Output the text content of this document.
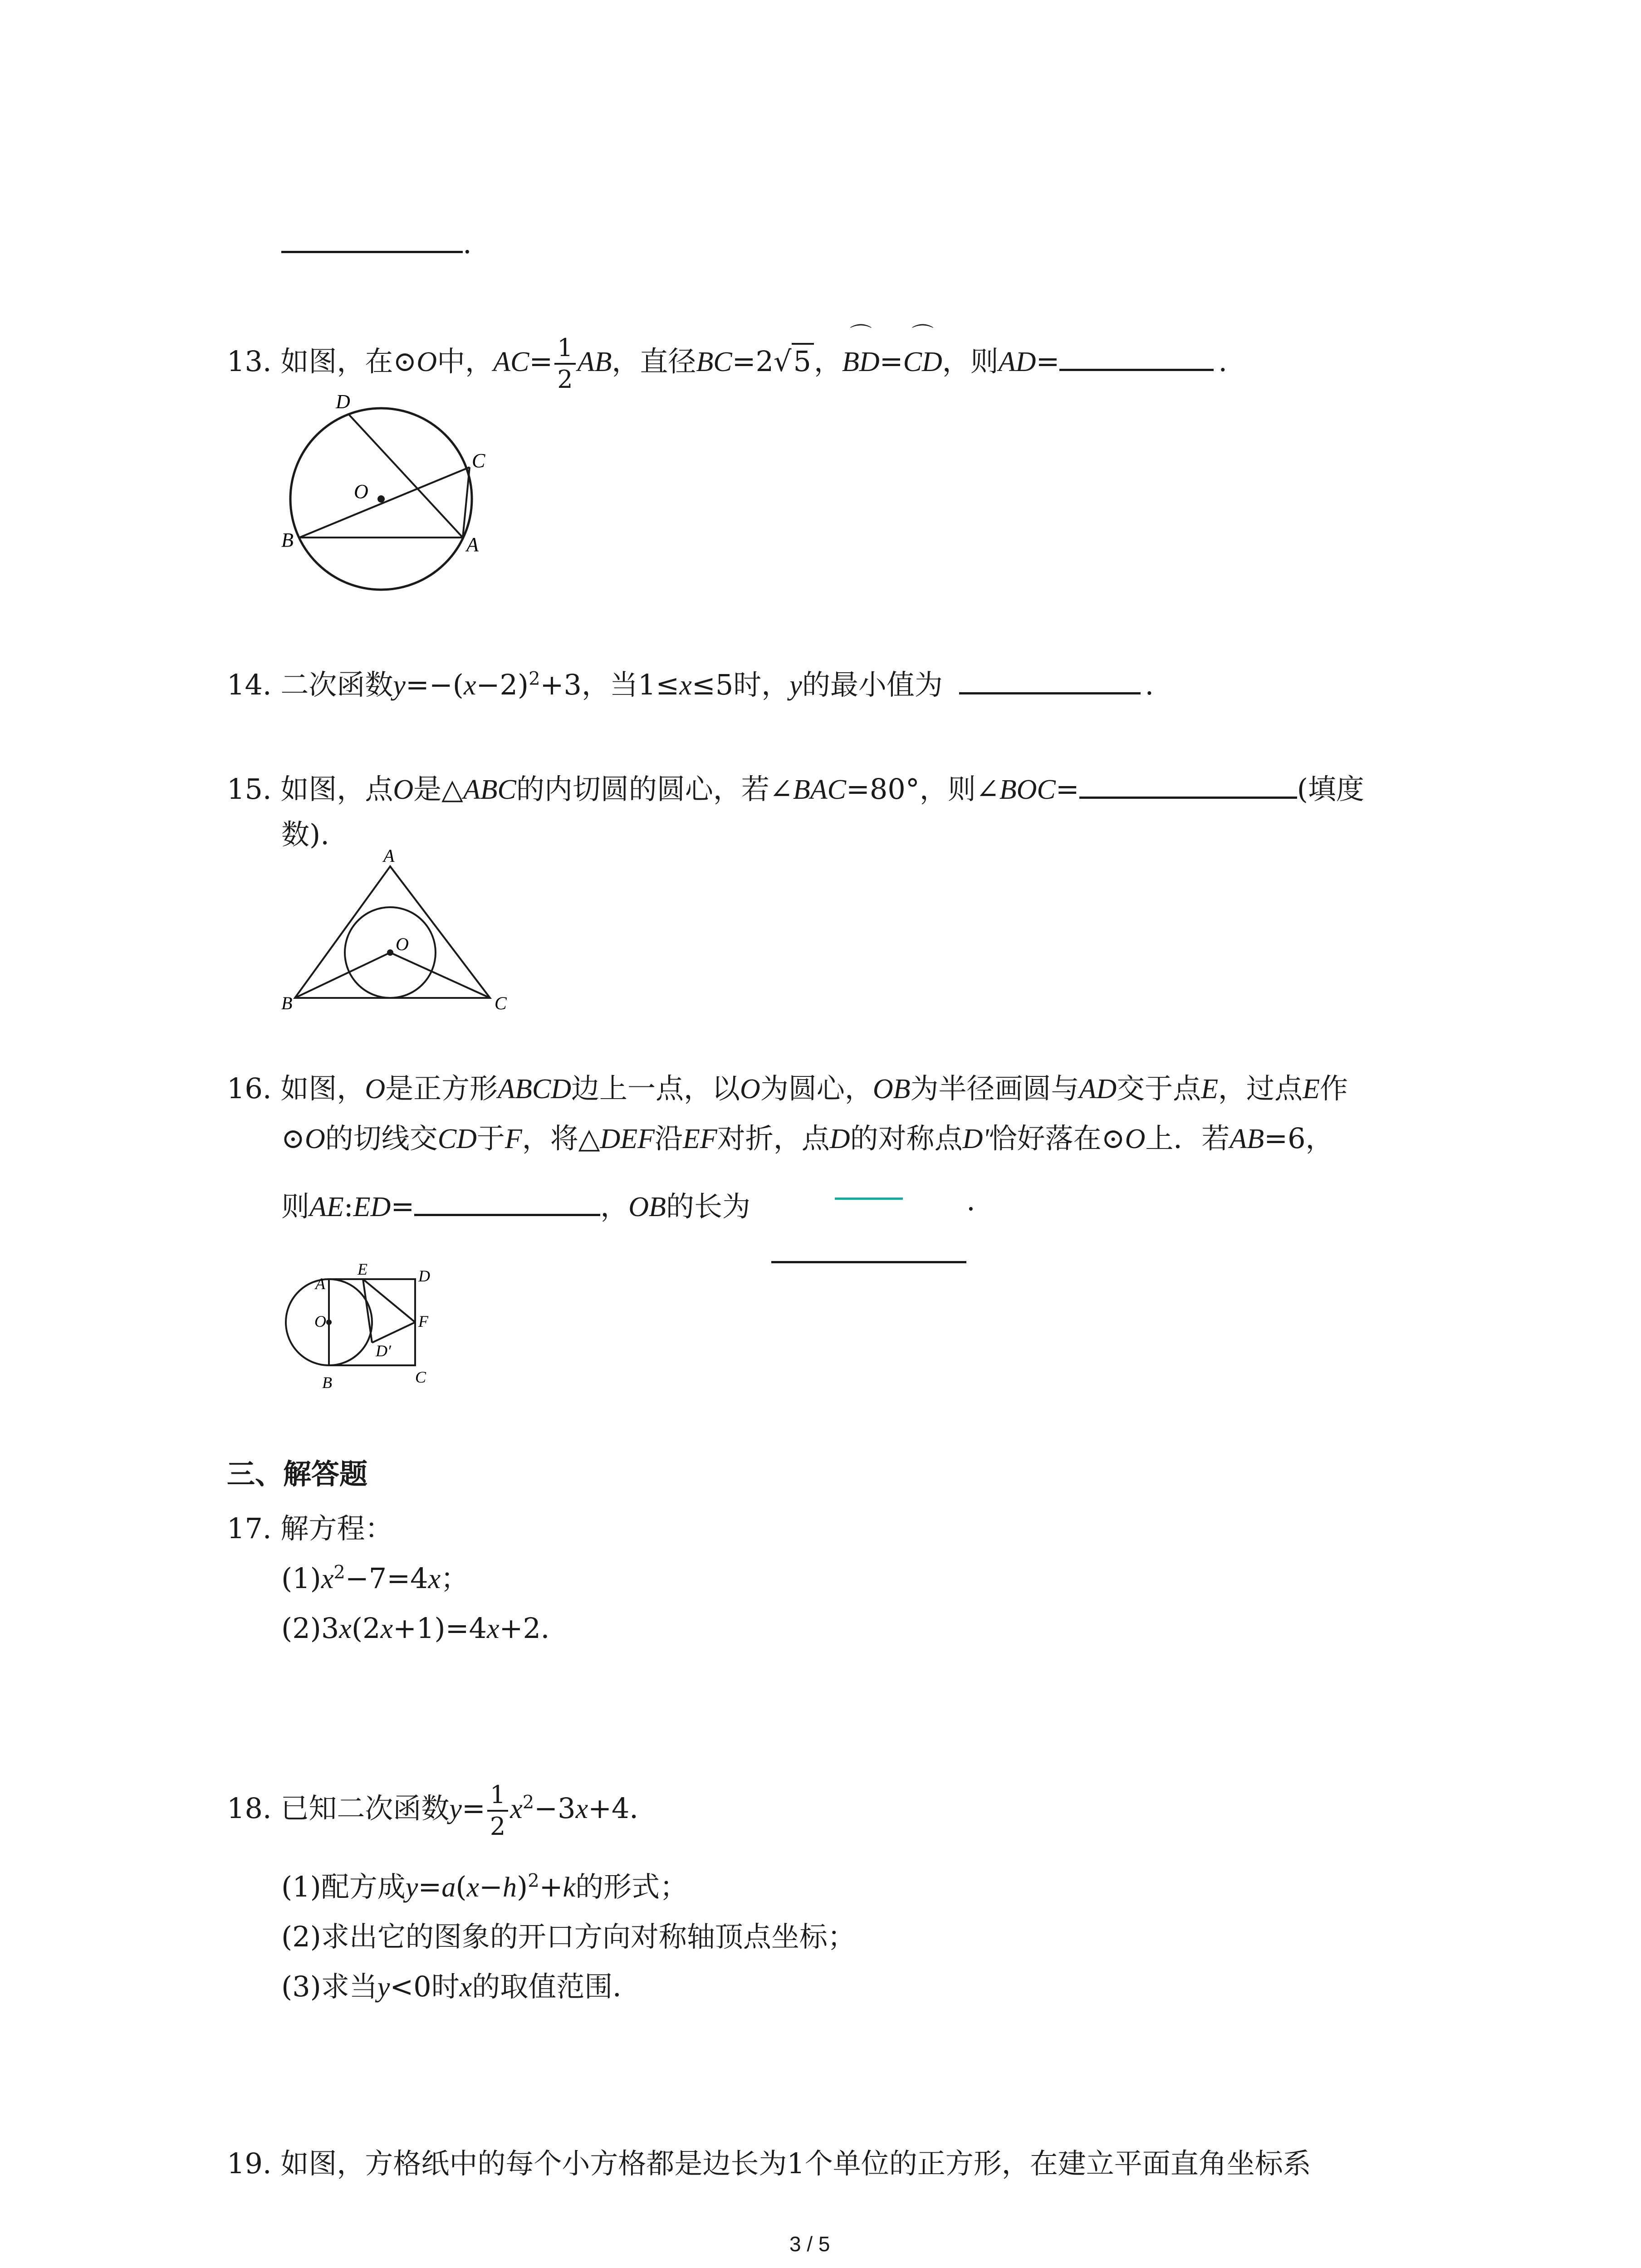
.
13. 如图，在⊙O中，$AC= \frac{1}{2}$ AB，直径BC=2√5，
⌒
BD=
⌒
CD，则AD=	.
D
C
O
B	A
14. 二次函数$y=-(x-2)^2+3$，当1≤x≤5时，y的最小值为	.
15. 如图，点O是△ABC的内切圆的圆心，若∠BAC=80°，则∠BOC=	(填度
数).
A
O
B	C
16. 如图，O是正方形ABCD边上一点，以O为圆心，OB为半径画圆与AD交于点E，过点E作
⊙O的切线交CD于F，将△DEF沿EF对折，点D的对称点D'恰好落在⊙O上．若AB=6，
则AE:ED=	，OB的长为	.
A
E	D
O	F
D′
B	C
三、解答题
17. 解方程：
$(1)x^2-7=4x$；
(2)3x(2x+1)=4x+2．
18. 已知二次函数$y= \frac{1}{2} x^2-3x+4$．
(1)配方成$y=a(x-h)^2+k$的形式；
(2)求出它的图象的开口方向对称轴顶点坐标；
(3)求当y<0时x的取值范围．
19. 如图，方格纸中的每个小方格都是边长为1个单位的正方形，在建立平面直角坐标系
3 / 5
